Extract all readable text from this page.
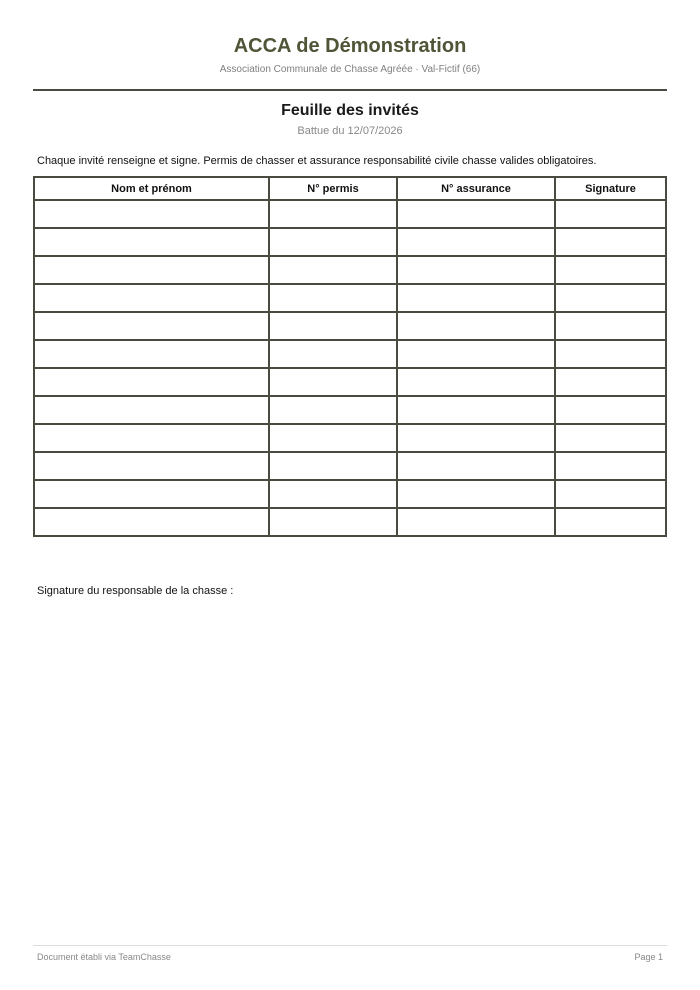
ACCA de Démonstration
Association Communale de Chasse Agréée · Val-Fictif (66)
Feuille des invités
Battue du 12/07/2026
Chaque invité renseigne et signe. Permis de chasser et assurance responsabilité civile chasse valides obligatoires.
Nom et prénom	N° permis	N° assurance	Signature

Signature du responsable de la chasse :
Document établi via TeamChasse	Page 1
